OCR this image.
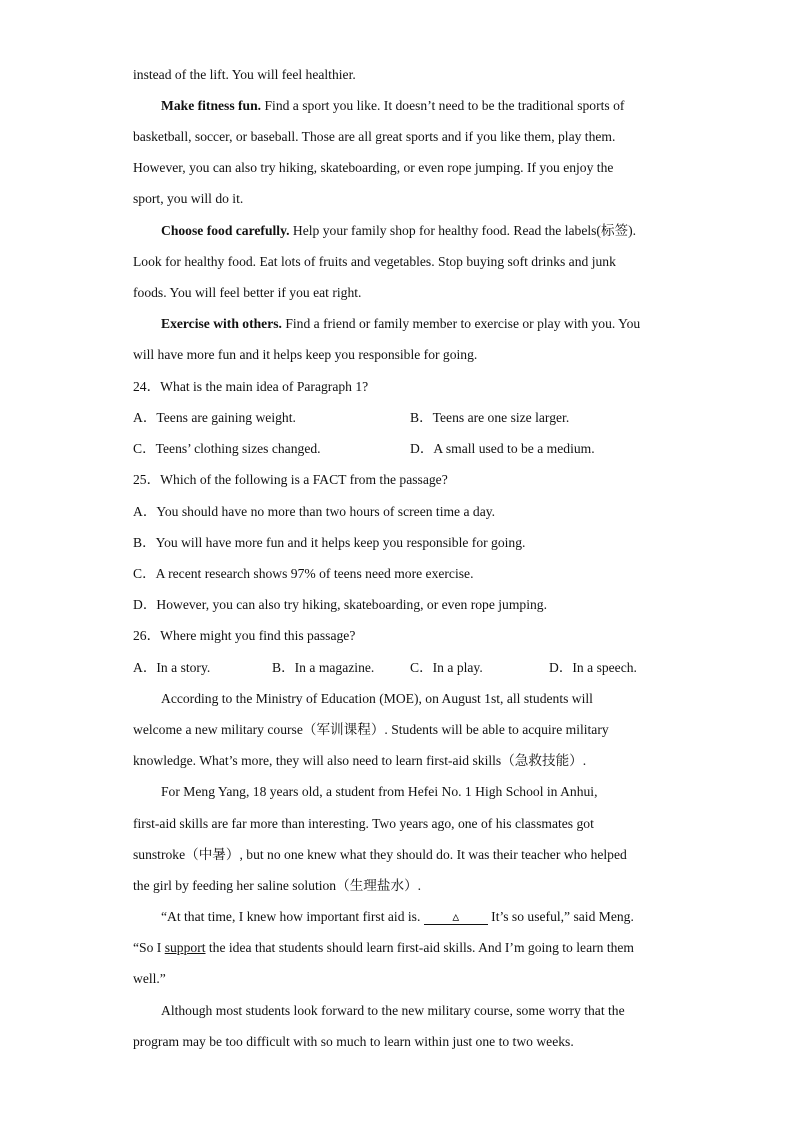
instead of the lift. You will feel healthier.
Make fitness fun. Find a sport you like. It doesn’t need to be the traditional sports of
basketball, soccer, or baseball. Those are all great sports and if you like them, play them.
However, you can also try hiking, skateboarding, or even rope jumping. If you enjoy the
sport, you will do it.
Choose food carefully. Help your family shop for healthy food. Read the labels(标签).
Look for healthy food. Eat lots of fruits and vegetables. Stop buying soft drinks and junk
foods. You will feel better if you eat right.
Exercise with others. Find a friend or family member to exercise or play with you. You
will have more fun and it helps keep you responsible for going.
24．What is the main idea of Paragraph 1?
A．Teens are gaining weight.	B．Teens are one size larger.
C．Teens’ clothing sizes changed.	D．A small used to be a medium.
25．Which of the following is a FACT from the passage?
A．You should have no more than two hours of screen time a day.
B．You will have more fun and it helps keep you responsible for going.
C．A recent research shows 97% of teens need more exercise.
D．However, you can also try hiking, skateboarding, or even rope jumping.
26．Where might you find this passage?
A．In a story.	B．In a magazine.	C．In a play.	D．In a speech.
According to the Ministry of Education (MOE), on August 1st, all students will
welcome a new military course（军训课程）. Students will be able to acquire military
knowledge. What’s more, they will also need to learn first-aid skills（急救技能）.
For Meng Yang, 18 years old, a student from Hefei No. 1 High School in Anhui,
first-aid skills are far more than interesting. Two years ago, one of his classmates got
sunstroke（中暑）, but no one knew what they should do. It was their teacher who helped
the girl by feeding her saline solution（生理盐水）.
“At that time, I knew how important first aid is. ▵ It’s so useful,” said Meng.
“So I support the idea that students should learn first-aid skills. And I’m going to learn them
well.”
Although most students look forward to the new military course, some worry that the
program may be too difficult with so much to learn within just one to two weeks.
